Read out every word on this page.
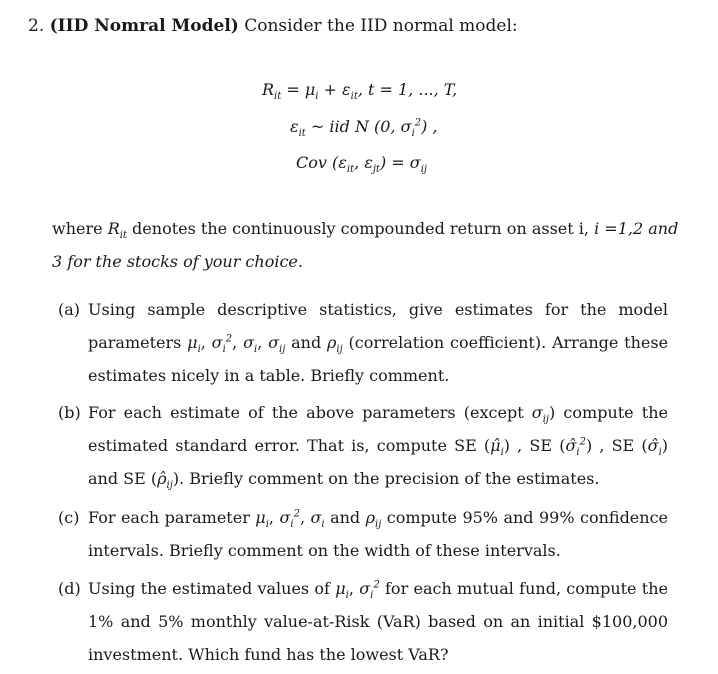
2. (IID Nomral Model) Consider the IID normal model:
$R_{it} = \mu_i + \varepsilon_{it}$, t = 1, ..., T,
$\varepsilon_{it}$ ~ iid N (0, $\sigma_i^2$) ,
Cov ($\varepsilon_{it}$, $\varepsilon_{jt}) = \sigma_{ij}$
where $R_{it}$ denotes the continuously compounded return on asset i, i =1,2 and 3 for the stocks of your choice.
(a) Using sample descriptive statistics, give estimates for the model parameters $\mu_i$, $\sigma_i^2$, $\sigma_i$, $\sigma_{ij}$ and $\rho_{ij}$ (correlation coefficient). Arrange these estimates nicely in a table. Briefly comment.
(b) For each estimate of the above parameters (except $\sigma_{ij}$) compute the estimated standard error. That is, compute SE $(\mû_i)$ , SE $(\sigmâ_i^2)$ , SE $(\sigmâ_i)$ and SE $(\rhô_{ij})$. Briefly comment on the precision of the estimates.
(c) For each parameter $\mu_i$, $\sigma_i^2$, $\sigma_i$ and $\rho_{ij}$ compute 95% and 99% confidence intervals. Briefly comment on the width of these intervals.
(d) Using the estimated values of $\mu_i$, $\sigma_i^2$ for each mutual fund, compute the 1% and 5% monthly value-at-Risk (VaR) based on an initial $100,000 investment. Which fund has the lowest VaR?
